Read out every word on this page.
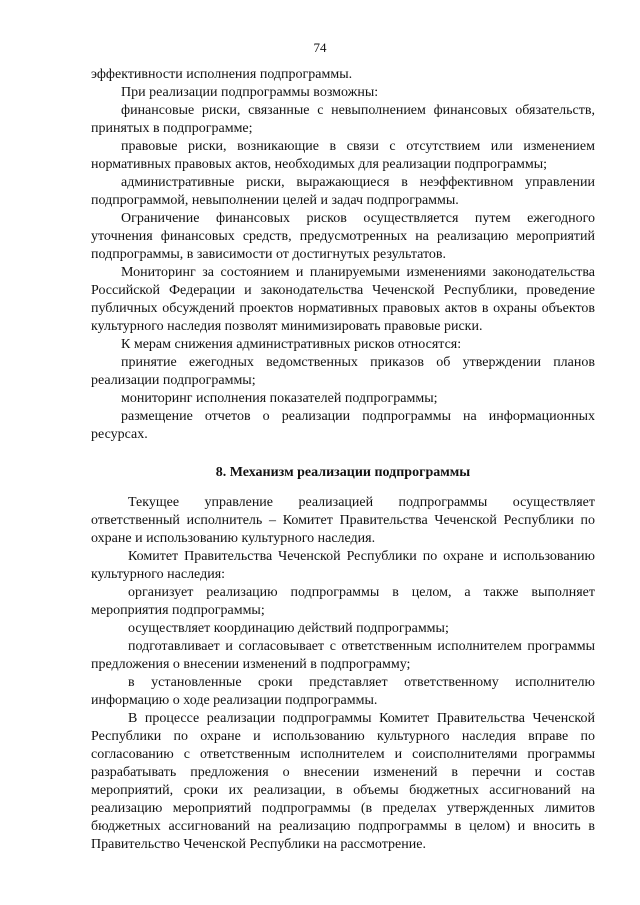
74

эффективности исполнения подпрограммы.

При реализации подпрограммы возможны:

финансовые риски, связанные с невыполнением финансовых обязательств, принятых в подпрограмме;

правовые риски, возникающие в связи с отсутствием или изменением нормативных правовых актов, необходимых для реализации подпрограммы;

административные риски, выражающиеся в неэффективном управлении подпрограммой, невыполнении целей и задач подпрограммы.

Ограничение финансовых рисков осуществляется путем ежегодного уточнения финансовых средств, предусмотренных на реализацию мероприятий подпрограммы, в зависимости от достигнутых результатов.

Мониторинг за состоянием и планируемыми изменениями законодательства Российской Федерации и законодательства Чеченской Республики, проведение публичных обсуждений проектов нормативных правовых актов в охраны объектов культурного наследия позволят минимизировать правовые риски.

К мерам снижения административных рисков относятся:

принятие ежегодных ведомственных приказов об утверждении планов реализации подпрограммы;

мониторинг исполнения показателей подпрограммы;

размещение отчетов о реализации подпрограммы на информационных ресурсах.

8. Механизм реализации подпрограммы

Текущее управление реализацией подпрограммы осуществляет ответственный исполнитель – Комитет Правительства Чеченской Республики по охране и использованию культурного наследия.

Комитет Правительства Чеченской Республики по охране и использованию культурного наследия:

организует реализацию подпрограммы в целом, а также выполняет мероприятия подпрограммы;

осуществляет координацию действий подпрограммы;

подготавливает и согласовывает с ответственным исполнителем программы предложения о внесении изменений в подпрограмму;

в установленные сроки представляет ответственному исполнителю информацию о ходе реализации подпрограммы.

В процессе реализации подпрограммы Комитет Правительства Чеченской Республики по охране и использованию культурного наследия вправе по согласованию с ответственным исполнителем и соисполнителями программы разрабатывать предложения о внесении изменений в перечни и состав мероприятий, сроки их реализации, в объемы бюджетных ассигнований на реализацию мероприятий подпрограммы (в пределах утвержденных лимитов бюджетных ассигнований на реализацию подпрограммы в целом) и вносить в Правительство Чеченской Республики на рассмотрение.
